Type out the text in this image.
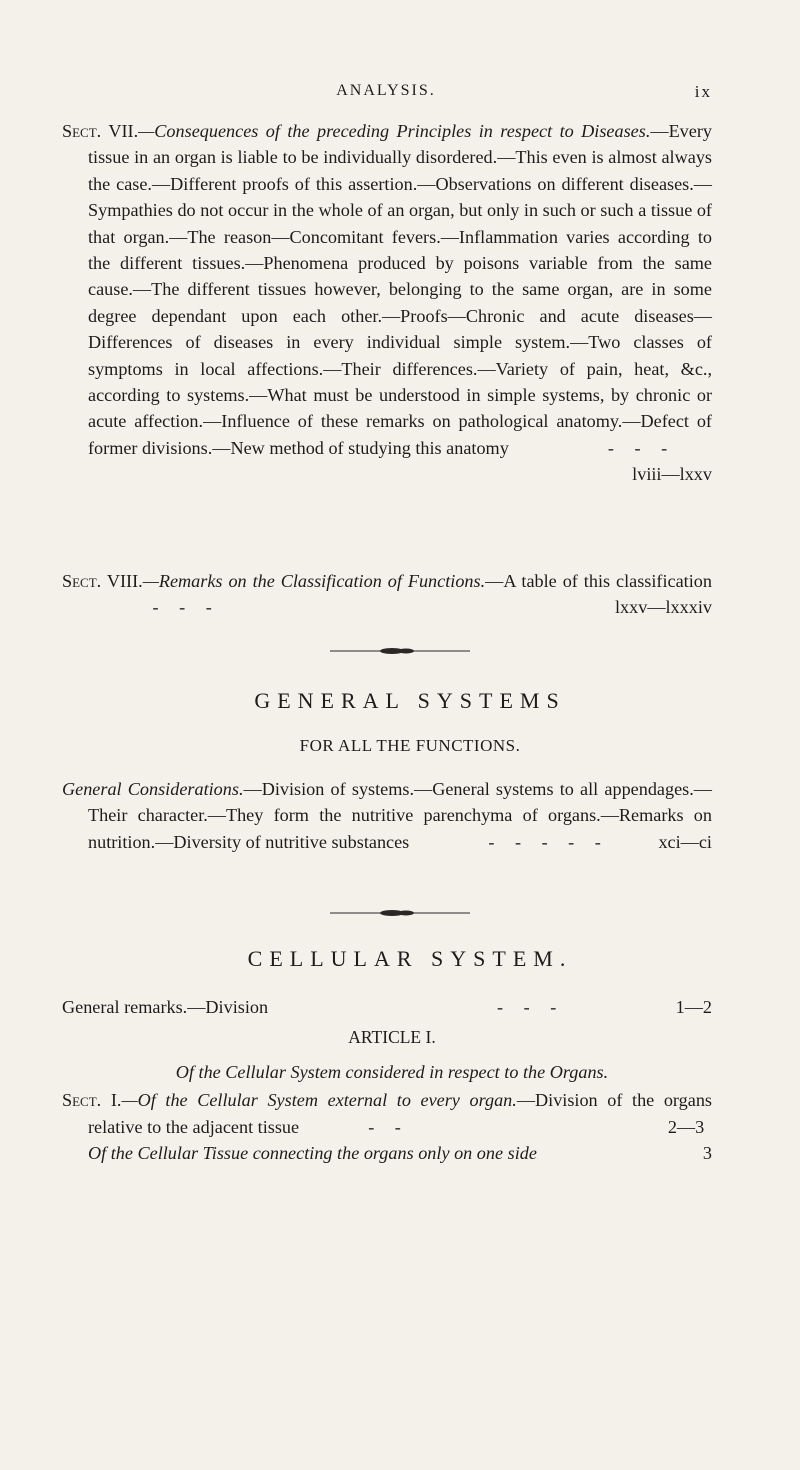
ANALYSIS.	ix

Sect. VII.—Consequences of the preceding Principles in respect to Diseases.—Every tissue in an organ is liable to be individually disordered.—This even is almost always the case.—Different proofs of this assertion.—Observations on different diseases.—Sympathies do not occur in the whole of an organ, but only in such or such a tissue of that organ.—The reason—Concomitant fevers.—Inflammation varies according to the different tissues.—Phenomena produced by poisons variable from the same cause.—The different tissues however, belonging to the same organ, are in some degree dependant upon each other.—Proofs—Chronic and acute diseases—Differences of diseases in every individual simple system.—Two classes of symptoms in local affections.—Their differences.—Variety of pain, heat, &c., according to systems.—What must be understood in simple systems, by chronic or acute affection.—Influence of these remarks on pathological anatomy.—Defect of former divisions.—New method of studying this anatomy	- - -
lviii—lxxv

Sect. VIII.—Remarks on the Classification of Functions.—A table of this classification  - - -	lxxv—lxxxiv

GENERAL SYSTEMS
FOR ALL THE FUNCTIONS.

General Considerations.—Division of systems.—General systems to all appendages.—Their character.—They form the nutritive parenchyma of organs.—Remarks on nutrition.—Diversity of nutritive substances	- - - - -	xci—ci

CELLULAR SYSTEM.
General remarks.—Division	- - -	1—2
ARTICLE I.
Of the Cellular System considered in respect to the Organs.

Sect. I.—Of the Cellular System external to every organ.—Division of the organs relative to the adjacent tissue	- -	2—3

Of the Cellular Tissue connecting the organs only on one side	3
